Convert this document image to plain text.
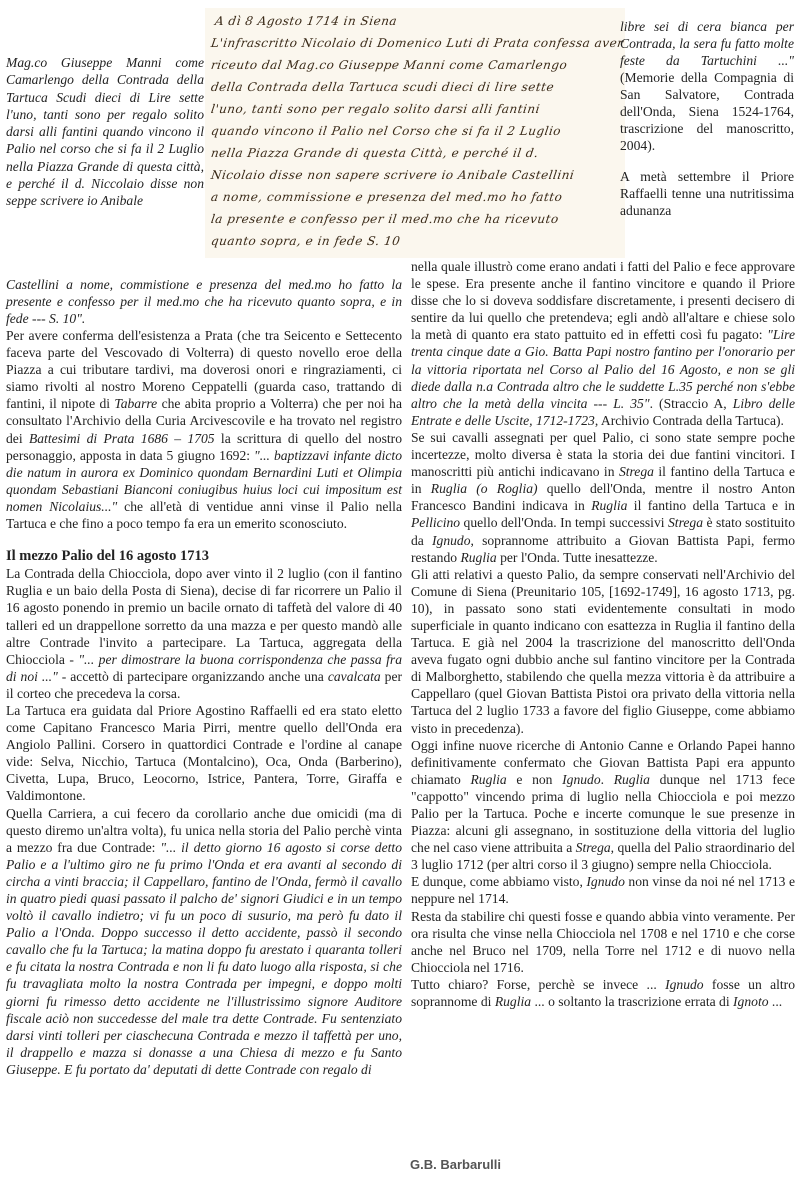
A dì 8 Agosto 1714 in Siena
L'infrascritto Nicolaio di Domenico Luti di Prata confessa aver
riceuto dal Mag.co Giuseppe Manni come Camarlengo
della Contrada della Tartuca scudi dieci di lire sette
l'uno, tanti sono per regalo solito darsi alli fantini
quando vincono il Palio nel Corso che si fa il 2 Luglio
nella Piazza Grande di questa Città, e perché il d.
Nicolaio disse non sapere scrivere io Anibale Castellini
a nome, commissione e presenza del med.mo ho fatto
la presente e confesso per il med.mo che ha ricevuto
quanto sopra, e in fede S. 10
Mag.co Giuseppe Manni come Camarlengo della Contrada della Tartuca Scudi dieci di Lire sette l'uno, tanti sono per regalo solito darsi alli fantini quando vincono il Palio nel corso che si fa il 2 Luglio nella Piazza Grande di questa città, e perché il d. Niccolaio disse non seppe scrivere io Anibale

libre sei di cera bianca per Contrada, la sera fu fatto molte feste da Tartuchini ..." (Memorie della Compagnia di San Salvatore, Contrada dell'Onda, Siena 1524-1764, trascrizione del manoscritto, 2004).

A metà settembre il Priore Raffaelli tenne una nutritissima adunanza

Castellini a nome, commistione e presenza del med.mo ho fatto la presente e confesso per il med.mo che ha ricevuto quanto sopra, e in fede --- S. 10".

Per avere conferma dell'esistenza a Prata (che tra Seicento e Settecento faceva parte del Vescovado di Volterra) di questo novello eroe della Piazza a cui tributare tardivi, ma doverosi onori e ringraziamenti, ci siamo rivolti al nostro Moreno Ceppatelli (guarda caso, trattando di fantini, il nipote di Tabarre che abita proprio a Volterra) che per noi ha consultato l'Archivio della Curia Arcivescovile e ha trovato nel registro dei Battesimi di Prata 1686 – 1705 la scrittura di quello del nostro personaggio, apposta in data 5 giugno 1692: "... baptizzavi infante dicto die natum in aurora ex Dominico quondam Bernardini Luti et Olimpia quondam Sebastiani Bianconi coniugibus huius loci cui impositum est nomen Nicolaius..." che all'età di ventidue anni vinse il Palio nella Tartuca e che fino a poco tempo fa era un emerito sconosciuto.

Il mezzo Palio del 16 agosto 1713

La Contrada della Chiocciola, dopo aver vinto il 2 luglio (con il fantino Ruglia e un baio della Posta di Siena), decise di far ricorrere un Palio il 16 agosto ponendo in premio un bacile ornato di taffetà del valore di 40 talleri ed un drappellone sorretto da una mazza e per questo mandò alle altre Contrade l'invito a partecipare. La Tartuca, aggregata della Chiocciola - "... per dimostrare la buona corrispondenza che passa fra di noi ..." - accettò di partecipare organizzando anche una cavalcata per il corteo che precedeva la corsa.

La Tartuca era guidata dal Priore Agostino Raffaelli ed era stato eletto come Capitano Francesco Maria Pirri, mentre quello dell'Onda era Angiolo Pallini. Corsero in quattordici Contrade e l'ordine al canape vide: Selva, Nicchio, Tartuca (Montalcino), Oca, Onda (Barberino), Civetta, Lupa, Bruco, Leocorno, Istrice, Pantera, Torre, Giraffa e Valdimontone.

Quella Carriera, a cui fecero da corollario anche due omicidi (ma di questo diremo un'altra volta), fu unica nella storia del Palio perchè vinta a mezzo fra due Contrade: "... il detto giorno 16 agosto si corse detto Palio e a l'ultimo giro ne fu primo l'Onda et era avanti al secondo di circha a vinti braccia; il Cappellaro, fantino de l'Onda, fermò il cavallo in quatro piedi quasi passato il palcho de' signori Giudici e in un tempo voltò il cavallo indietro; vi fu un poco di susurio, ma però fu dato il Palio a l'Onda. Doppo successo il detto accidente, passò il secondo cavallo che fu la Tartuca; la matina doppo fu arestato i quaranta tolleri e fu citata la nostra Contrada e non li fu dato luogo alla risposta, si che fu travagliata molto la nostra Contrada per impegni, e doppo molti giorni fu rimesso detto accidente ne l'illustrissimo signore Auditore fiscale aciò non succedesse del male tra dette Contrade. Fu sentenziato darsi vinti tolleri per ciaschecuna Contrada e mezzo il taffettà per uno, il drappello e mazza si donasse a una Chiesa di mezzo e fu Santo Giuseppe. E fu portato da' deputati di dette Contrade con regalo di

nella quale illustrò come erano andati i fatti del Palio e fece approvare le spese. Era presente anche il fantino vincitore e quando il Priore disse che lo si doveva soddisfare discretamente, i presenti decisero di sentire da lui quello che pretendeva; egli andò all'altare e chiese solo la metà di quanto era stato pattuito ed in effetti così fu pagato: "Lire trenta cinque date a Gio. Batta Papi nostro fantino per l'onorario per la vittoria riportata nel Corso al Palio del 16 Agosto, e non se gli diede dalla n.a Contrada altro che le suddette L.35 perché non s'ebbe altro che la metà della vincita --- L. 35". (Straccio A, Libro delle Entrate e delle Uscite, 1712-1723, Archivio Contrada della Tartuca).

Se sui cavalli assegnati per quel Palio, ci sono state sempre poche incertezze, molto diversa è stata la storia dei due fantini vincitori. I manoscritti più antichi indicavano in Strega il fantino della Tartuca e in Ruglia (o Roglia) quello dell'Onda, mentre il nostro Anton Francesco Bandini indicava in Ruglia il fantino della Tartuca e in Pellicino quello dell'Onda. In tempi successivi Strega è stato sostituito da Ignudo, soprannome attribuito a Giovan Battista Papi, fermo restando Ruglia per l'Onda. Tutte inesattezze.

Gli atti relativi a questo Palio, da sempre conservati nell'Archivio del Comune di Siena (Preunitario 105, [1692-1749], 16 agosto 1713, pg. 10), in passato sono stati evidentemente consultati in modo superficiale in quanto indicano con esattezza in Ruglia il fantino della Tartuca. E già nel 2004 la trascrizione del manoscritto dell'Onda aveva fugato ogni dubbio anche sul fantino vincitore per la Contrada di Malborghetto, stabilendo che quella mezza vittoria è da attribuire a Cappellaro (quel Giovan Battista Pistoi ora privato della vittoria nella Tartuca del 2 luglio 1733 a favore del figlio Giuseppe, come abbiamo visto in precedenza).

Oggi infine nuove ricerche di Antonio Canne e Orlando Papei hanno definitivamente confermato che Giovan Battista Papi era appunto chiamato Ruglia e non Ignudo. Ruglia dunque nel 1713 fece "cappotto" vincendo prima di luglio nella Chiocciola e poi mezzo Palio per la Tartuca. Poche e incerte comunque le sue presenze in Piazza: alcuni gli assegnano, in sostituzione della vittoria del luglio che nel caso viene attribuita a Strega, quella del Palio straordinario del 3 luglio 1712 (per altri corso il 3 giugno) sempre nella Chiocciola.

E dunque, come abbiamo visto, Ignudo non vinse da noi né nel 1713 e neppure nel 1714.

Resta da stabilire chi questi fosse e quando abbia vinto veramente. Per ora risulta che vinse nella Chiocciola nel 1708 e nel 1710 e che corse anche nel Bruco nel 1709, nella Torre nel 1712 e di nuovo nella Chiocciola nel 1716.

Tutto chiaro? Forse, perchè se invece ... Ignudo fosse un altro soprannome di Ruglia ... o soltanto la trascrizione errata di Ignoto ...

G.B. Barbarulli
